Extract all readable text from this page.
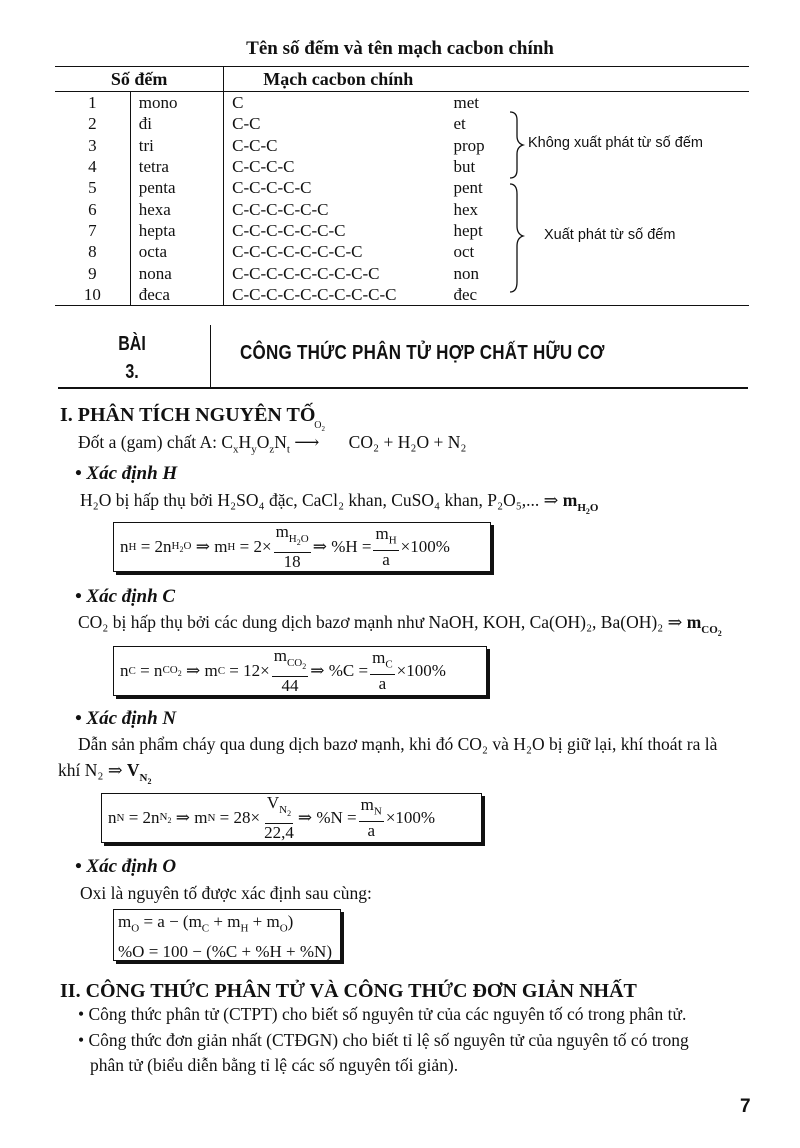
Tên số đếm và tên mạch cacbon chính
Số đếm		Mạch cacbon chính		
1	mono	C	met	
2	đi	C-C	et	
3	tri	C-C-C	prop	
4	tetra	C-C-C-C	but	
5	penta	C-C-C-C-C	pent	
6	hexa	C-C-C-C-C-C	hex	
7	hepta	C-C-C-C-C-C-C	hept	
8	octa	C-C-C-C-C-C-C-C	oct	
9	nona	C-C-C-C-C-C-C-C-C	non	
10	đeca	C-C-C-C-C-C-C-C-C-C	đec	
Không xuất phát từ số đếm
Xuất phát từ số đếm
BÀI
3.
CÔNG THỨC PHÂN TỬ HỢP CHẤT HỮU CƠ
I. PHÂN TÍCH NGUYÊN TỐ
Đốt a (gam) chất A: $C_xH_yO_zN_t$
$O_2$
⟶ CO₂ + H₂O + N₂
• Xác định H
H₂O bị hấp thụ bởi H₂SO₄ đặc, CaCl₂ khan, CuSO₄ khan, P₂O₅,... ⇒ $m_{H_2O}$
n H = 2n $H_2O$ ⇒ m $H = 2\times \frac{m_{H_2O}}{18}$ ⇒ $\%H = \frac{m_H}{a} \times 100\%$
• Xác định C
CO₂ bị hấp thụ bởi các dung dịch bazơ mạnh như NaOH, KOH, Ca(OH)₂, Ba(OH)₂ ⇒ $m_{CO_2}$
n C = n $CO_2$ ⇒ m $C = 12\times \frac{m_{CO_2}}{44}$ ⇒ $\%C = \frac{m_C}{a} \times 100\%$
• Xác định N
Dẫn sản phẩm cháy qua dung dịch bazơ mạnh, khi đó CO₂ và H₂O bị giữ lại, khí thoát ra là
khí N₂ ⇒ $V_{N_2}$
n N = 2n $N_2$ ⇒ m $N = 28\times \frac{V_{N_2}}{22,4}$ ⇒ $\%N = \frac{m_N}{a} \times 100\%$
• Xác định O
Oxi là nguyên tố được xác định sau cùng:
$m_O = a - (m_C + m_H + m_O)$
%O = 100 − (%C + %H + %N)
II. CÔNG THỨC PHÂN TỬ VÀ CÔNG THỨC ĐƠN GIẢN NHẤT
• Công thức phân tử (CTPT) cho biết số nguyên tử của các nguyên tố có trong phân tử.
• Công thức đơn giản nhất (CTĐGN) cho biết tỉ lệ số nguyên tử của nguyên tố có trong
phân tử (biểu diễn bằng tỉ lệ các số nguyên tối giản).
7
